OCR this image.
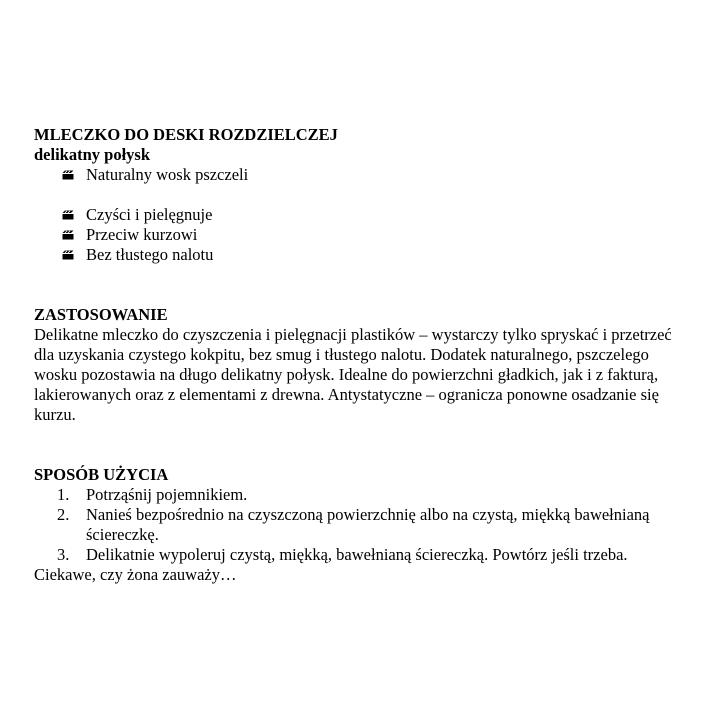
MLECZKO DO DESKI ROZDZIELCZEJ

delikatny połysk

Naturalny wosk pszczeli
Czyści i pielęgnuje
Przeciw kurzowi
Bez tłustego nalotu

ZASTOSOWANIE

Delikatne mleczko do czyszczenia i pielęgnacji plastików – wystarczy tylko spryskać i przetrzeć dla uzyskania czystego kokpitu, bez smug i tłustego nalotu. Dodatek naturalnego, pszczelego wosku pozostawia na długo delikatny połysk. Idealne do powierzchni gładkich, jak i z fakturą, lakierowanych oraz z elementami z drewna. Antystatyczne – ogranicza ponowne osadzanie się kurzu.

SPOSÓB UŻYCIA

1. Potrząśnij pojemnikiem.
2. Nanieś bezpośrednio na czyszczoną powierzchnię albo na czystą, miękką bawełnianą ściereczkę.
3. Delikatnie wypoleruj czystą, miękką, bawełnianą ściereczką. Powtórz jeśli trzeba.

Ciekawe, czy żona zauważy…
